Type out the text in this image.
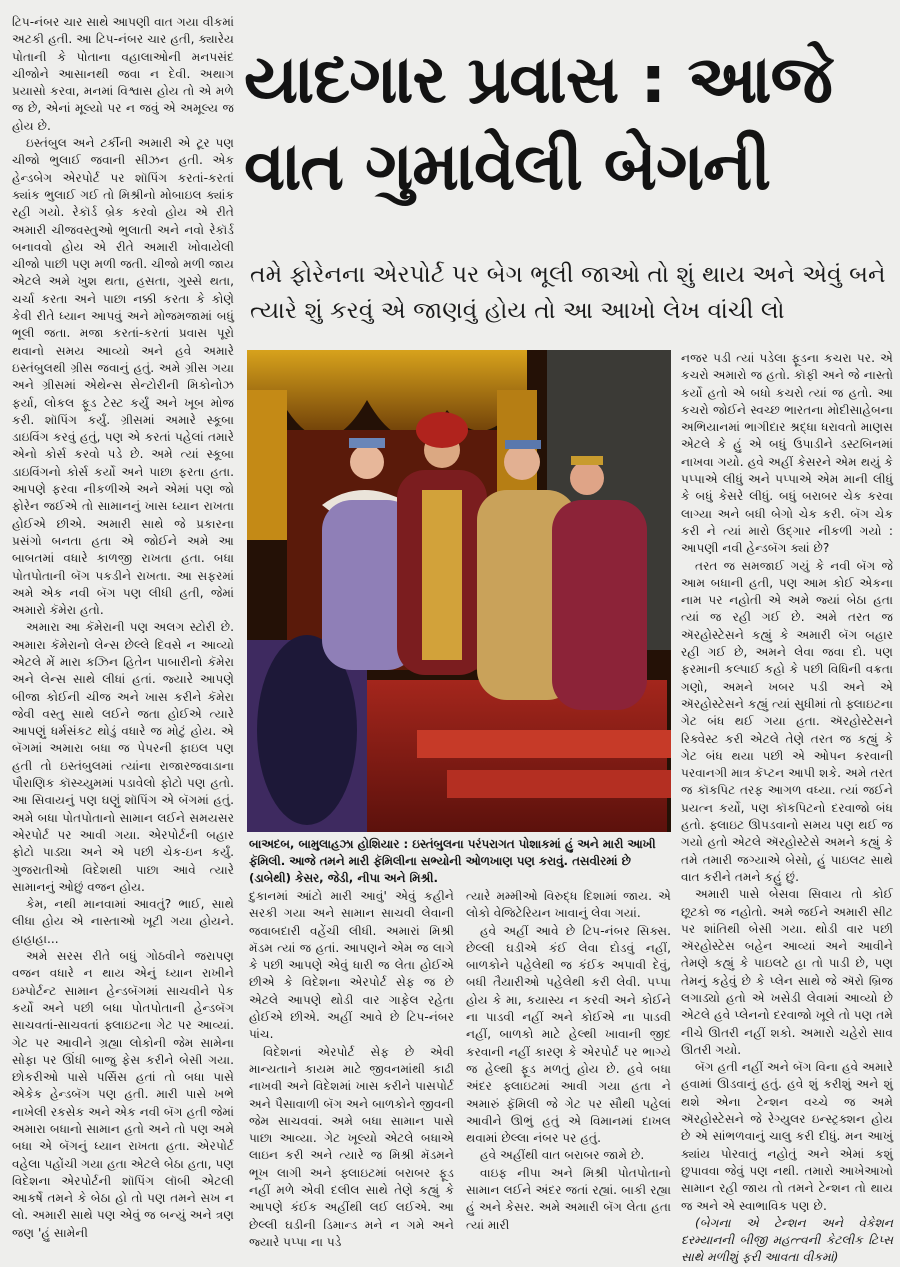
ટિપ-નંબર ચાર સાથે આપણી વાત ગયા વીકમાં અટકી હતી. આ ટિપ-નંબર ચાર હતી, ક્યારેય પોતાની કે પોતાના વહાલાઓની મનપસંદ ચીજોને આસાનથી જવા ન દેવી. અથાગ પ્રયાસો કરવા, મનમાં વિશ્વાસ હોય તો એ મળે જ છે, એનાં મૂલ્યો પર ન જવું એ અમૂલ્ય જ હોય છે.

ઇસ્તંબુલ અને ટર્કીની અમારી એ ટૂર પણ ચીજો ભુલાઈ જવાની સીઝન હતી. એક હેન્ડબેગ એરપોર્ટ પર શૉપિંગ કરતાં-કરતાં ક્યાંક ભુલાઈ ગઈ તો મિશ્રીનો મોબાઇલ ક્યાંક રહી ગયો. રેકૉર્ડ બ્રેક કરવો હોય એ રીતે અમારી ચીજવસ્તુઓ ભુલાતી અને નવો રેકૉર્ડ બનાવવો હોય એ રીતે અમારી ખોવાયેલી ચીજો પાછી પણ મળી જતી. ચીજો મળી જાય એટલે અમે ખુશ થતા, હસતા, ગુસ્સે થતા, ચર્ચા કરતા અને પાછા નક્કી કરતા કે કોણે કેવી રીતે ધ્યાન આપવું અને મોજમજામાં બધું ભૂલી જતા. મજા કરતાં-કરતાં પ્રવાસ પૂરો થવાનો સમય આવ્યો અને હવે અમારે ઇસ્તંબુલથી ગ્રીસ જવાનું હતું. અમે ગ્રીસ ગયા અને ગ્રીસમાં એથેન્સ સેન્ટોરીની મિકોનોઝ ફર્યા, લોકલ ફૂડ ટેસ્ટ કર્યું અને ખૂબ મોજ કરી. શૉપિંગ કર્યું. ગ્રીસમાં અમારે સ્કૂબા ડાઇવિંગ કરવું હતું, પણ એ કરતાં પહેલાં તમારે એનો કોર્સ કરવો પડે છે. અમે ત્યાં સ્કૂબા ડાઇવિંગનો કોર્સ કર્યો અને પાછા ફરતા હતા. આપણે ફરવા નીકળીએ અને એમાં પણ જો ફોરેન જઈએ તો સામાનનું ખાસ ધ્યાન રાખતા હોઈએ છીએ. અમારી સાથે જે પ્રકારના પ્રસંગો બનતા હતા એ જોઈને અમે આ બાબતમાં વધારે કાળજી રાખતા હતા. બધા પોતપોતાની બૅગ પકડીને રાખતા. આ સફરમાં અમે એક નવી બૅગ પણ લીધી હતી, જેમાં અમારો કૅમેરા હતો.

અમારા આ કૅમેરાની પણ અલગ સ્ટોરી છે. અમારા કૅમેરાનો લેન્સ છેલ્લે દિવસે ન આવ્યો એટલે મેં મારા કઝિન હિતેન પાબારીનો કૅમેરા અને લેન્સ સાથે લીધાં હતાં. જ્યારે આપણે બીજા કોઈની ચીજ અને ખાસ કરીને કૅમેરા જેવી વસ્તુ સાથે લઈને જતા હોઈએ ત્યારે આપણું ધર્મસંકટ થોડું વધારે જ મોટું હોય. એ બૅગમાં અમારા બધા જ પેપરની ફાઇલ પણ હતી તો ઇસ્તંબુલમાં ત્યાંના રાજારજવાડાના પૌરાણિક કૉસ્ચ્યુમમાં પડાવેલો ફોટો પણ હતો. આ સિવાયનું પણ ઘણું શૉપિંગ એ બૅગમાં હતું. અમે બધા પોતપોતાનો સામાન લઈને સમયસર એરપોર્ટ પર આવી ગયા. એરપોર્ટની બહાર ફોટો પાડ્યા અને એ પછી ચેક-ઇન કર્યું. ગુજરાતીઓ વિદેશથી પાછા આવે ત્યારે સામાનનું ઓછું વજન હોય.

કેમ, નથી માનવામાં આવતું? ભાઈ, સાથે લીધા હોય એ નાસ્તાઓ ખૂટી ગયા હોયને. હાહાહા...

અમે સરસ રીતે બધું ગોઠવીને જરાપણ વજન વધારે ન થાય એનું ધ્યાન રાખીને ઇમ્પોર્ટન્ટ સામાન હેન્ડબૅગમાં સાચવીને પેક કર્યો અને પછી બધા પોતપોતાની હેન્ડબૅગ સાચવતાં-સાચવતાં ફ્લાઇટના ગેટ પર આવ્યાં. ગેટ પર આવીને ગ્રહ્યા લોકોની જેમ સામેના સોફા પર ઊંધી બાજુ ફેસ કરીને બેસી ગયા. છોકરીઓ પાસે પર્સિસ હતાં તો બધા પાસે એકેક હેન્ડબૅગ પણ હતી. મારી પાસે ખભે નાખેલી રકસેક અને એક નવી બૅગ હતી જેમાં અમારા બધાનો સામાન હતો અને તો પણ અમે બધા એ બૅગનું ધ્યાન રાખતા હતા. એરપોર્ટ વહેલા પહોંચી ગયા હતા એટલે બેઠા હતા, પણ વિદેશના એરપોર્ટની શૉપિંગ લૉબી એટલી આકર્ષે તમને કે બેઠા હો તો પણ તમને સખ ન લો. અમારી સાથે પણ એવું જ બન્યું અને ત્રણ જણ 'હું સામેની

યાદગાર પ્રવાસ : આજે વાત ગુમાવેલી બેગની

તમે ફોરેનના એરપોર્ટ પર બેગ ભૂલી જાઓ તો શું થાય અને એવું બને ત્યારે શું કરવું એ જાણવું હોય તો આ આખો લેખ વાંચી લો

બાઅદબ, બામુલાહઝા હોશિયાર : ઇસ્તંબુલના પરંપરાગત પોશાકમાં હું અને મારી આખી ફૅમિલી. આજે તમને મારી ફૅમિલીના સભ્યોની ઓળખાણ પણ કરાવું. તસવીરમાં છે (ડાબેથી) કેસર, જેડી, નીપા અને મિશ્રી.

નજર પડી ત્યાં પડેલા ફૂડના કચરા પર. એ કચરો અમારો જ હતો. કૉફી અને જે નાસ્તો કર્યો હતો એ બધો કચરો ત્યાં જ હતો. આ કચરો જોઈને સ્વચ્છ ભારતના મોદીસાહેબના અભિયાનમાં ભાગીદાર શ્રદ્ધા ધરાવતો માણસ એટલે કે હું એ બધું ઉપાડીને ડસ્ટબિનમાં નાખવા ગયો. હવે અહીં કેસરને એમ થયું કે પપ્પાએ લીધું અને પપ્પાએ એમ માની લીધું કે બધું કેસરે લીધું. બધું બરાબર ચેક કરવા લાગ્યા અને બધી બેગો ચેક કરી. બૅગ ચેક કરી ને ત્યાં મારો ઉદ્ગાર નીકળી ગયો : આપણી નવી હેન્ડબૅગ ક્યાં છે?

તરત જ સમજાઈ ગયું કે નવી બૅગ જે આમ બધાની હતી, પણ આમ કોઈ એકના નામ પર નહોતી એ અમે જ્યાં બેઠા હતા ત્યાં જ રહી ગઈ છે. અમે તરત જ ઍરહોસ્ટેસને કહ્યું કે અમારી બૅગ બહાર રહી ગઈ છે, અમને લેવા જવા દો. પણ ફરમાની કલ્પાઈ કહો કે પછી વિધિની વક્રતા ગણો, અમને ખબર પડી અને એ ઍરહોસ્ટેસને કહ્યું ત્યાં સુધીમાં તો ફ્લાઇટના ગેટ બંધ થઈ ગયા હતા. ઍરહોસ્ટેસને રિક્વેસ્ટ કરી એટલે તેણે તરત જ કહ્યું કે ગેટ બંધ થયા પછી એ ઓપન કરવાની પરવાનગી માત્ર કૅપ્ટન આપી શકે. અમે તરત જ કૉકપિટ તરફ આગળ વધ્યા. ત્યાં જઈને પ્રયત્ન કર્યો, પણ કૉકપિટનો દરવાજો બંધ હતો. ફ્લાઇટ ઊપડવાનો સમય પણ થઈ જ ગયો હતો એટલે ઍરહોસ્ટેસે અમને કહ્યું કે તમે તમારી જગ્યાએ બેસો, હું પાઇલટ સાથે વાત કરીને તમને કહું છું.

અમારી પાસે બેસવા સિવાય તો કોઈ છૂટકો જ નહોતો. અમે જઈને અમારી સીટ પર શાંતિથી બેસી ગયા. થોડી વાર પછી ઍરહોસ્ટેસ બહેન આવ્યાં અને આવીને તેમણે કહ્યું કે પાઇલટે હા તો પાડી છે, પણ તેમનું કહેવું છે કે પ્લેન સાથે જે ઍરો બ્રિજ લગાડ્યો હતો એ ખસેડી લેવામાં આવ્યો છે એટલે હવે પ્લેનનો દરવાજો ખૂલે તો પણ તમે નીચે ઊતરી નહીં શકો. અમારો ચહેરો સાવ ઊતરી ગયો.

બૅગ હતી નહીં અને બૅગ વિના હવે અમારે હવામાં ઊડવાનું હતું. હવે શું કરીશું અને શું થશે એના ટેન્શન વચ્ચે જ અમે ઍરહોસ્ટેસને જે રેગ્યુલર ઇન્સ્ટ્રક્શન હોય છે એ સાંભળવાનું ચાલુ કરી દીધું. મન આખું ક્યાંય પોરવાતું નહોતું અને એમાં કશું છુપાવવા જેવું પણ નથી. તમારો આખેઆખો સામાન રહી જાય તો તમને ટેન્શન તો થાય જ અને એ સ્વાભાવિક પણ છે.

(બેગના એ ટેન્શન અને વેકેશન દરમ્યાનની બીજી મહત્ત્વની કેટલીક ટિપ્સ સાથે મળીશું ફરી આવતા વીકમાં)

દુકાનમાં આંટો મારી આવું' એવું કહીને સરકી ગયા અને સામાન સાચવી લેવાની જવાબદારી વહેંચી લીધી. અમારાં મિશ્રી મૅડમ ત્યાં જ હતાં. આપણને એમ જ લાગે કે પછી આપણે એવું ધારી જ લેતા હોઈએ છીએ કે વિદેશના એરપોર્ટ સેફ જ છે એટલે આપણે થોડી વાર ગાફેલ રહેતા હોઈએ છીએ. અહીં આવે છે ટિપ-નંબર પાંચ.

વિદેશનાં એરપોર્ટ સેફ છે એવી માન્યતાને કાયમ માટે જીવનમાંથી કાઢી નાખવી અને વિદેશમાં ખાસ કરીને પાસપોર્ટ અને પૈસાવાળી બૅગ અને બાળકોને જીવની જેમ સાચવવાં. અમે બધા સામાન પાસે પાછા આવ્યા. ગેટ ખૂલ્યો એટલે બધાએ લાઇન કરી અને ત્યારે જ મિશ્રી મૅડમને ભૂખ લાગી અને ફ્લાઇટમાં બરાબર ફૂડ નહીં મળે એવી દલીલ સાથે તેણે કહ્યું કે આપણે કંઈક અહીંથી લઈ લઈએ. આ છેલ્લી ઘડીની ડિમાન્ડ મને ન ગમે અને જ્યારે પપ્પા ના પડે

ત્યારે મમ્મીઓ વિરુદ્ધ દિશામાં જાય. એ લોકો વેજિટેરિયન ખાવાનું લેવા ગયાં.

હવે અહીં આવે છે ટિપ-નંબર સિક્સ. છેલ્લી ઘડીએ કંઈ લેવા દોડવું નહીં, બાળકોને પહેલેથી જ કંઈક અપાવી દેવું, બધી તૈયારીઓ પહેલેથી કરી લેવી. પપ્પા હોય કે મા, કયાસ્ય ન કરવી અને કોઈને ના પાડવી નહીં અને કોઈએ ના પાડવી નહીં, બાળકો માટે હેલ્થી ખાવાની જીદ કરવાની નહીં કારણ કે એરપોર્ટ પર ભાગ્યે જ હેલ્થી ફૂડ મળતું હોય છે. હવે બધા અંદર ફ્લાઇટમાં આવી ગયા હતા ને અમારું ફૅમિલી જે ગેટ પર સૌથી પહેલાં આવીને ઊભું હતું એ વિમાનમાં દાખલ થવામાં છેલ્લા નંબર પર હતું.

હવે અહીંથી વાત બરાબર જામે છે.

વાઇફ નીપા અને મિશ્રી પોતપોતાનો સામાન લઈને અંદર જતાં રહ્યાં. બાકી રહ્યા હું અને કેસર. અમે અમારી બૅગ લેતા હતા ત્યાં મારી
